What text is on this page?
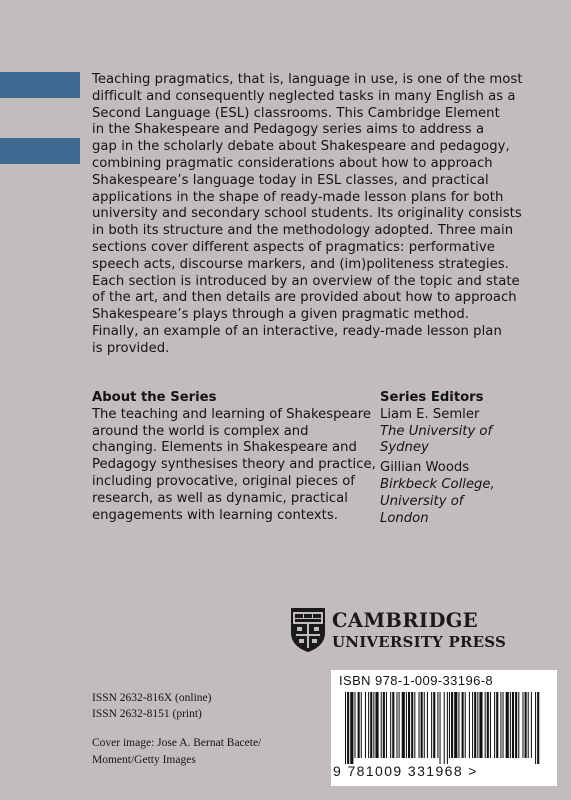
Teaching pragmatics, that is, language in use, is one of the most
difficult and consequently neglected tasks in many English as a
Second Language (ESL) classrooms. This Cambridge Element
in the Shakespeare and Pedagogy series aims to address a
gap in the scholarly debate about Shakespeare and pedagogy,
combining pragmatic considerations about how to approach
Shakespeare’s language today in ESL classes, and practical
applications in the shape of ready-made lesson plans for both
university and secondary school students. Its originality consists
in both its structure and the methodology adopted. Three main
sections cover different aspects of pragmatics: performative
speech acts, discourse markers, and (im)politeness strategies.
Each section is introduced by an overview of the topic and state
of the art, and then details are provided about how to approach
Shakespeare’s plays through a given pragmatic method.
Finally, an example of an interactive, ready-made lesson plan
is provided.
About the Series
The teaching and learning of Shakespeare
around the world is complex and
changing. Elements in Shakespeare and
Pedagogy synthesises theory and practice,
including provocative, original pieces of
research, as well as dynamic, practical
engagements with learning contexts.
Series Editors
Liam E. Semler
The University of
Sydney
Gillian Woods
Birkbeck College,
University of
London
CAMBRIDGE
UNIVERSITY PRESS
ISSN 2632-816X (online)
ISSN 2632-8151 (print)
Cover image: Jose A. Bernat Bacete/
Moment/Getty Images
ISBN 978-1-009-33196-8
9 781009 331968 >
